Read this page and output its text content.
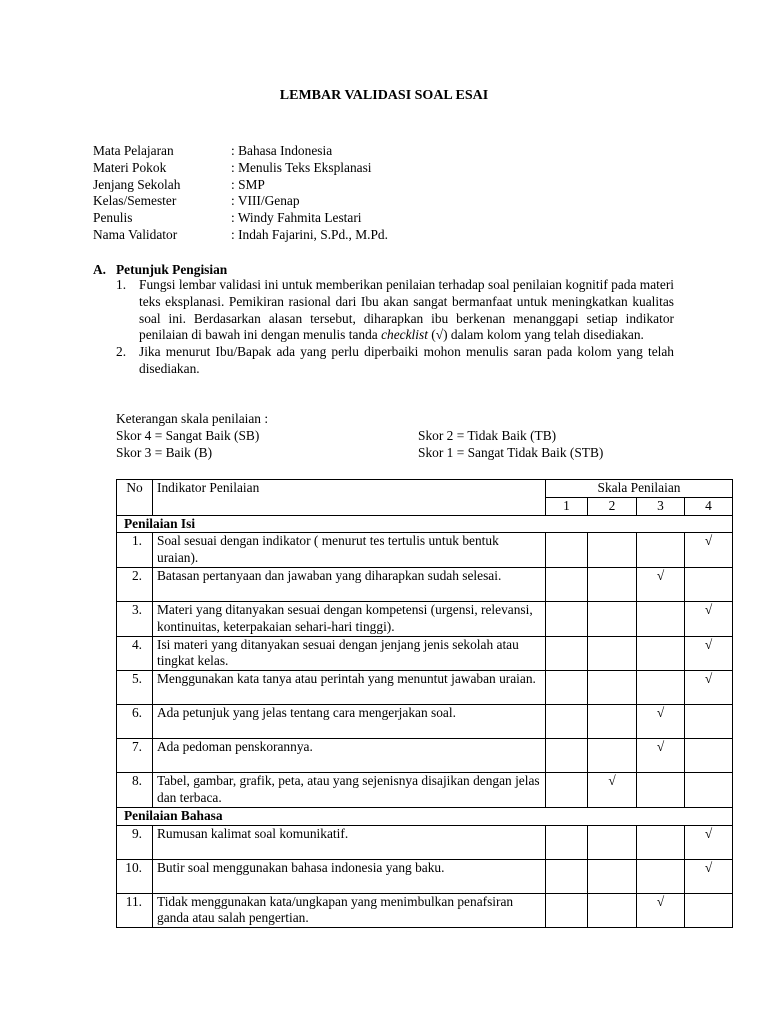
LEMBAR VALIDASI SOAL ESAI
Mata Pelajaran	: Bahasa Indonesia
Materi Pokok	: Menulis Teks Eksplanasi
Jenjang Sekolah	: SMP
Kelas/Semester	: VIII/Genap
Penulis	: Windy Fahmita Lestari
Nama Validator	: Indah Fajarini, S.Pd., M.Pd.
A. Petunjuk Pengisian
1. Fungsi lembar validasi ini untuk memberikan penilaian terhadap soal penilaian kognitif pada materi teks eksplanasi. Pemikiran rasional dari Ibu akan sangat bermanfaat untuk meningkatkan kualitas soal ini. Berdasarkan alasan tersebut, diharapkan ibu berkenan menanggapi setiap indikator penilaian di bawah ini dengan menulis tanda checklist (√) dalam kolom yang telah disediakan.
2. Jika menurut Ibu/Bapak ada yang perlu diperbaiki mohon menulis saran pada kolom yang telah disediakan.
Keterangan skala penilaian :
Skor 4 = Sangat Baik (SB)	Skor 2 = Tidak Baik (TB)
Skor 3 = Baik (B)	Skor 1 = Sangat Tidak Baik (STB)
No	Indikator Penilaian	Skala Penilaian			
		1	2	3	4
Penilaian Isi					
1.	Soal sesuai dengan indikator ( menurut tes tertulis untuk bentuk uraian).				√
2.	Batasan pertanyaan dan jawaban yang diharapkan sudah selesai.			√	
3.	Materi yang ditanyakan sesuai dengan kompetensi (urgensi, relevansi, kontinuitas, keterpakaian sehari-hari tinggi).				√
4.	Isi materi yang ditanyakan sesuai dengan jenjang jenis sekolah atau tingkat kelas.				√
5.	Menggunakan kata tanya atau perintah yang menuntut jawaban uraian.				√
6.	Ada petunjuk yang jelas tentang cara mengerjakan soal.			√	
7.	Ada pedoman penskorannya.			√	
8.	Tabel, gambar, grafik, peta, atau yang sejenisnya disajikan dengan jelas dan terbaca.		√		
Penilaian Bahasa					
9.	Rumusan kalimat soal komunikatif.				√
10.	Butir soal menggunakan bahasa indonesia yang baku.				√
11.	Tidak menggunakan kata/ungkapan yang menimbulkan penafsiran ganda atau salah pengertian.			√	
